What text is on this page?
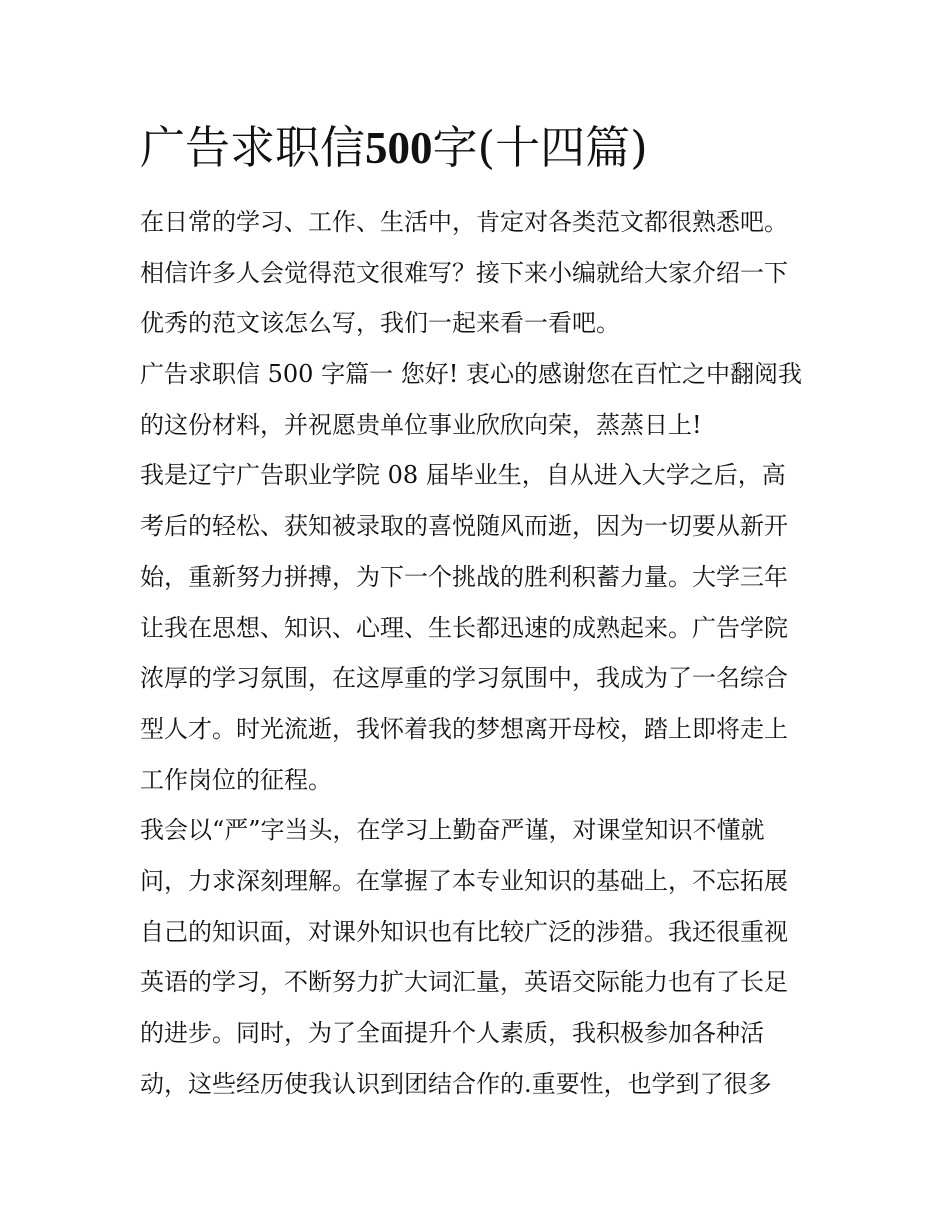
广告求职信500字(十四篇)
在日常的学习、工作、生活中，肯定对各类范文都很熟悉吧。
相信许多人会觉得范文很难写？接下来小编就给大家介绍一下
优秀的范文该怎么写，我们一起来看一看吧。
广告求职信 500 字篇一 您好! 衷心的感谢您在百忙之中翻阅我
的这份材料，并祝愿贵单位事业欣欣向荣，蒸蒸日上!
我是辽宁广告职业学院 08 届毕业生，自从进入大学之后，高
考后的轻松、获知被录取的喜悦随风而逝，因为一切要从新开
始，重新努力拼搏，为下一个挑战的胜利积蓄力量。大学三年
让我在思想、知识、心理、生长都迅速的成熟起来。广告学院
浓厚的学习氛围，在这厚重的学习氛围中，我成为了一名综合
型人才。时光流逝，我怀着我的梦想离开母校，踏上即将走上
工作岗位的征程。
我会以“严”字当头，在学习上勤奋严谨，对课堂知识不懂就
问，力求深刻理解。在掌握了本专业知识的基础上，不忘拓展
自己的知识面，对课外知识也有比较广泛的涉猎。我还很重视
英语的学习，不断努力扩大词汇量，英语交际能力也有了长足
的进步。同时，为了全面提升个人素质，我积极参加各种活
动，这些经历使我认识到团结合作的.重要性，也学到了很多
